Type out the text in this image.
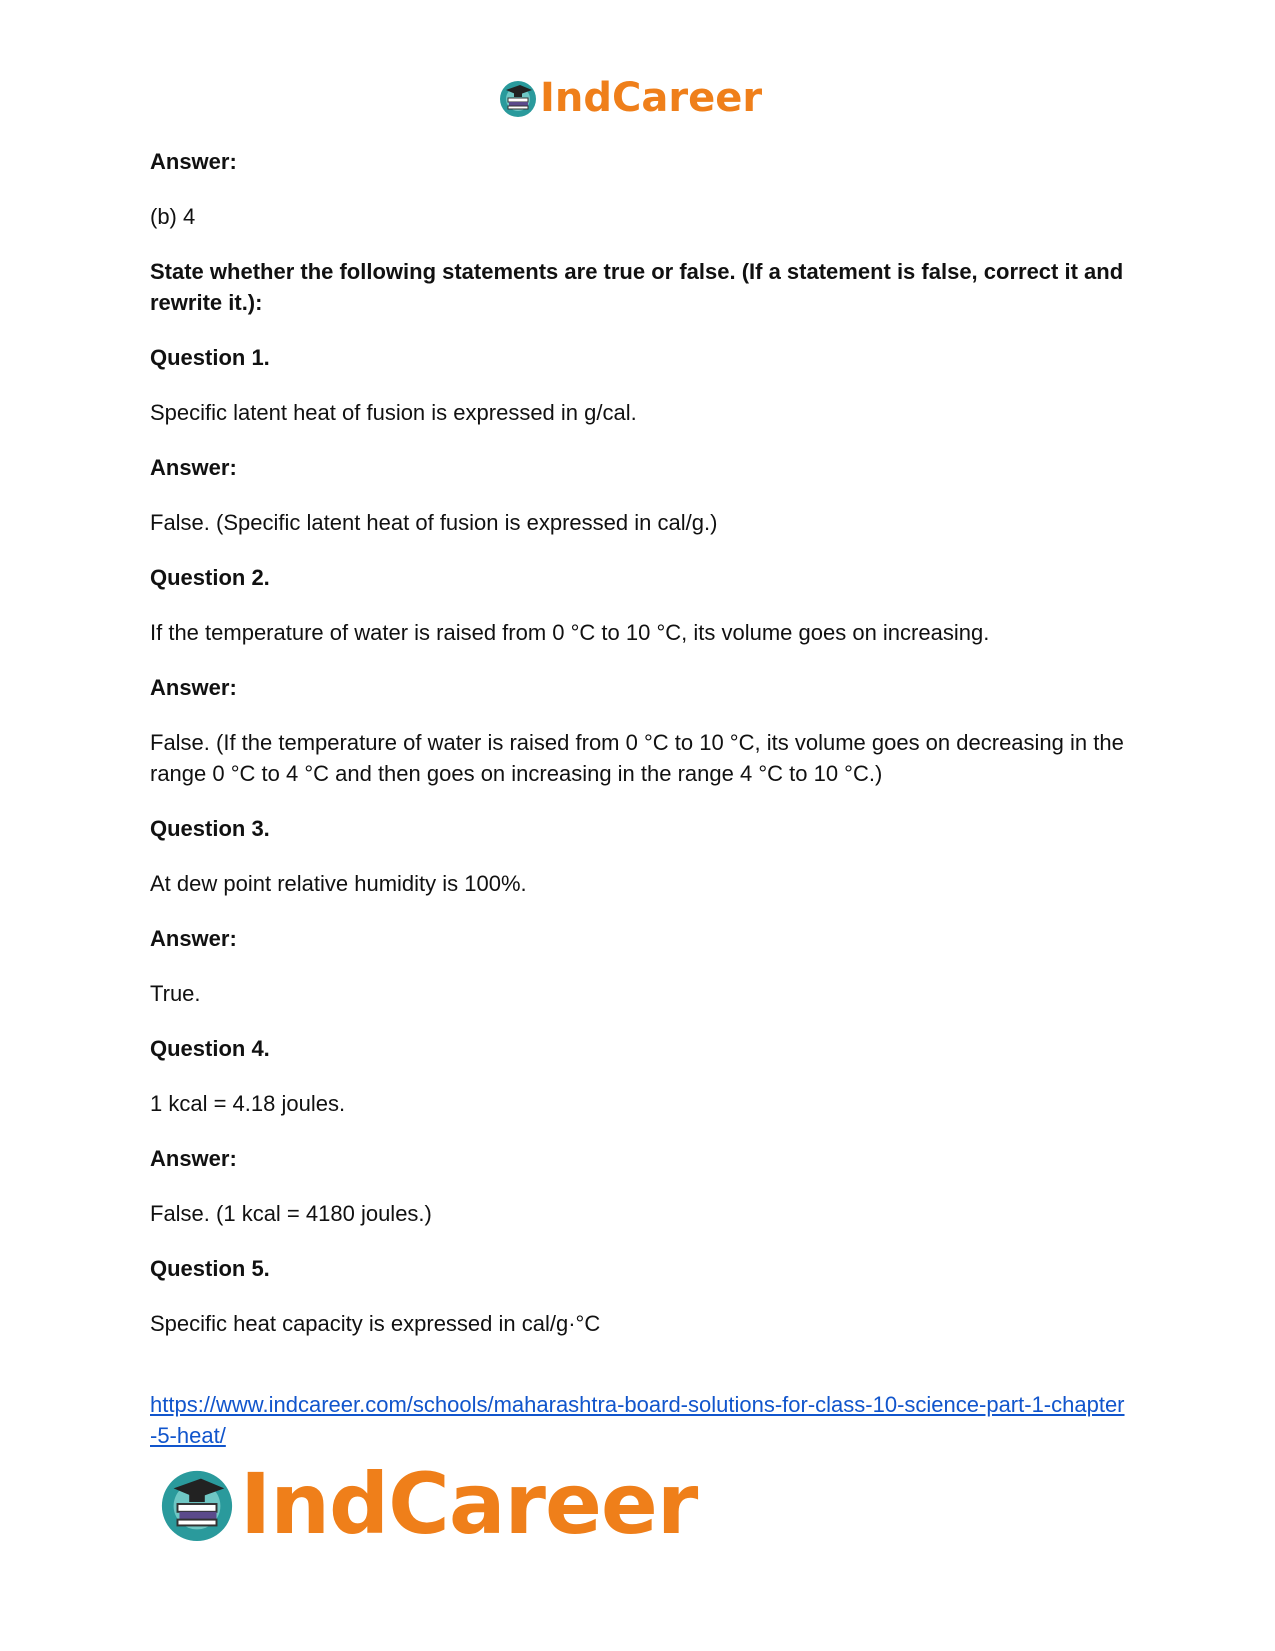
IndCareer

Answer:

(b) 4

State whether the following statements are true or false. (If a statement is false, correct it and rewrite it.):

Question 1.

Specific latent heat of fusion is expressed in g/cal.

Answer:

False. (Specific latent heat of fusion is expressed in cal/g.)

Question 2.

If the temperature of water is raised from 0 °C to 10 °C, its volume goes on increasing.

Answer:

False. (If the temperature of water is raised from 0 °C to 10 °C, its volume goes on decreasing in the range 0 °C to 4 °C and then goes on increasing in the range 4 °C to 10 °C.)

Question 3.

At dew point relative humidity is 100%.

Answer:

True.

Question 4.

1 kcal = 4.18 joules.

Answer:

False. (1 kcal = 4180 joules.)

Question 5.

Specific heat capacity is expressed in cal/g·°C

https://www.indcareer.com/schools/maharashtra-board-solutions-for-class-10-science-part-1-chapter-5-heat/
IndCareer
